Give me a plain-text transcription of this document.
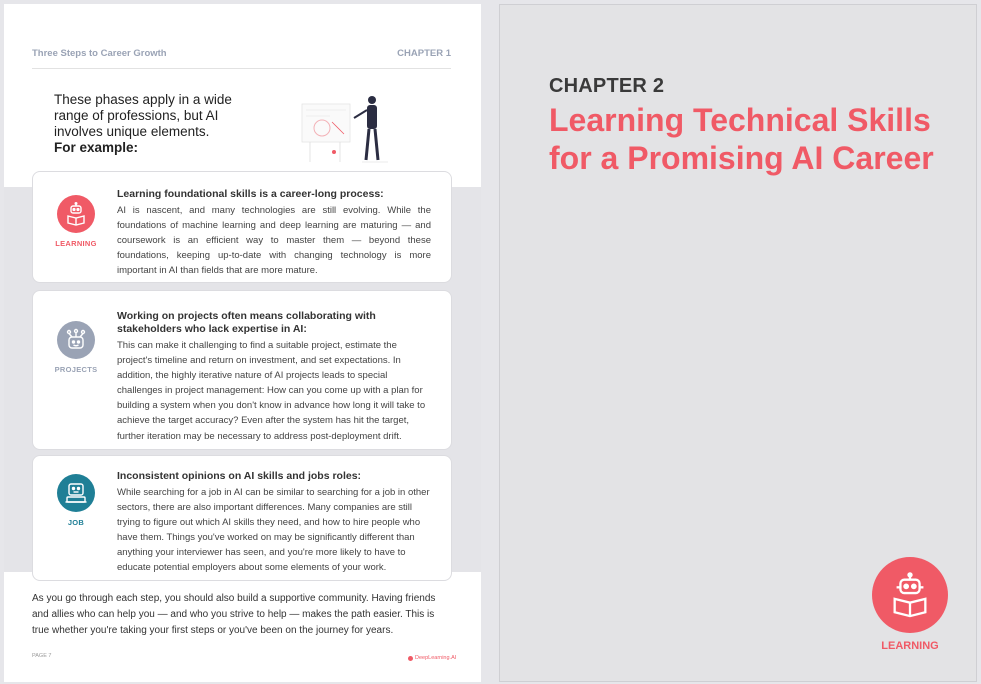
Three Steps to Career Growth	CHAPTER 1
These phases apply in a wide range of professions, but AI involves unique elements.
For example:
LEARNING
Learning foundational skills is a career-long process:
AI is nascent, and many technologies are still evolving. While the foundations of machine learning and deep learning are maturing — and coursework is an efficient way to master them — beyond these foundations, keeping up-to-date with changing technology is more important in AI than fields that are more mature.
PROJECTS
Working on projects often means collaborating with stakeholders who lack expertise in AI:
This can make it challenging to find a suitable project, estimate the project's timeline and return on investment, and set expectations. In addition, the highly iterative nature of AI projects leads to special challenges in project management: How can you come up with a plan for building a system when you don't know in advance how long it will take to achieve the target accuracy? Even after the system has hit the target, further iteration may be necessary to address post-deployment drift.
JOB
Inconsistent opinions on AI skills and jobs roles:
While searching for a job in AI can be similar to searching for a job in other sectors, there are also important differences. Many companies are still trying to figure out which AI skills they need, and how to hire people who have them. Things you've worked on may be significantly different than anything your interviewer has seen, and you're more likely to have to educate potential employers about some elements of your work.
As you go through each step, you should also build a supportive community. Having friends and allies who can help you — and who you strive to help — makes the path easier. This is true whether you're taking your first steps or you've been on the journey for years.
PAGE 7	DeepLearning.AI
CHAPTER 2
Learning Technical Skills for a Promising AI Career
LEARNING
